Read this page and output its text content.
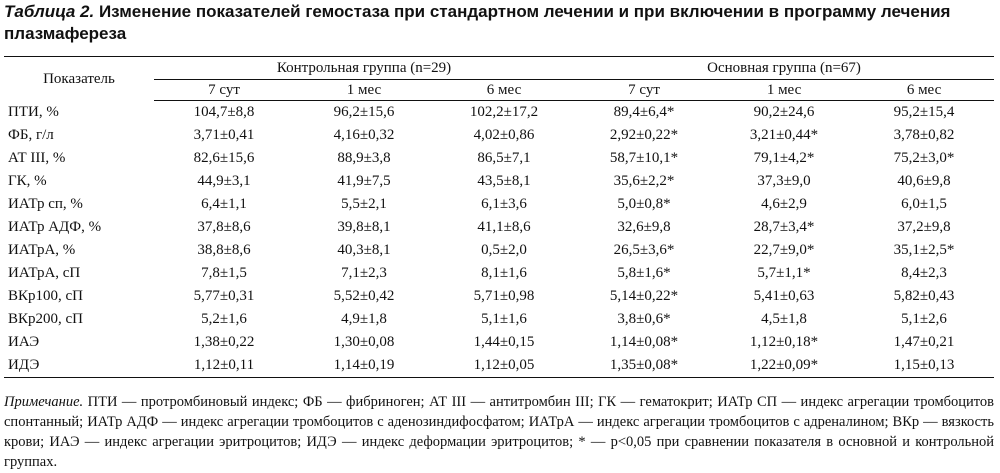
Таблица 2. Изменение показателей гемостаза при стандартном лечении и при включении в программу лечения плазмафереза
Показатель	Контрольная группа (n=29)			Основная группа (n=67)		
	7 сут	1 мес	6 мес	7 сут	1 мес	6 мес
ПТИ, %	104,7±8,8	96,2±15,6	102,2±17,2	89,4±6,4*	90,2±24,6	95,2±15,4
ФБ, г/л	3,71±0,41	4,16±0,32	4,02±0,86	2,92±0,22*	3,21±0,44*	3,78±0,82
АТ III, %	82,6±15,6	88,9±3,8	86,5±7,1	58,7±10,1*	79,1±4,2*	75,2±3,0*
ГК, %	44,9±3,1	41,9±7,5	43,5±8,1	35,6±2,2*	37,3±9,0	40,6±9,8
ИАТр сп, %	6,4±1,1	5,5±2,1	6,1±3,6	5,0±0,8*	4,6±2,9	6,0±1,5
ИАТр АДФ, %	37,8±8,6	39,8±8,1	41,1±8,6	32,6±9,8	28,7±3,4*	37,2±9,8
ИАТрА, %	38,8±8,6	40,3±8,1	0,5±2,0	26,5±3,6*	22,7±9,0*	35,1±2,5*
ИАТрА, сП	7,8±1,5	7,1±2,3	8,1±1,6	5,8±1,6*	5,7±1,1*	8,4±2,3
ВКр100, сП	5,77±0,31	5,52±0,42	5,71±0,98	5,14±0,22*	5,41±0,63	5,82±0,43
ВКр200, сП	5,2±1,6	4,9±1,8	5,1±1,6	3,8±0,6*	4,5±1,8	5,1±2,6
ИАЭ	1,38±0,22	1,30±0,08	1,44±0,15	1,14±0,08*	1,12±0,18*	1,47±0,21
ИДЭ	1,12±0,11	1,14±0,19	1,12±0,05	1,35±0,08*	1,22±0,09*	1,15±0,13
Примечание. ПТИ — протромбиновый индекс; ФБ — фибриноген; АТ III — антитромбин III; ГК — гематокрит; ИАТр СП — индекс агрегации тромбоцитов спонтанный; ИАТр АДФ — индекс агрегации тромбоцитов с аденозиндифосфатом; ИАТрА — индекс агрегации тромбоцитов с адреналином; ВКр — вязкость крови; ИАЭ — индекс агрегации эритроцитов; ИДЭ — индекс деформации эритроцитов; * — p<0,05 при сравнении показателя в основной и контрольной группах.
